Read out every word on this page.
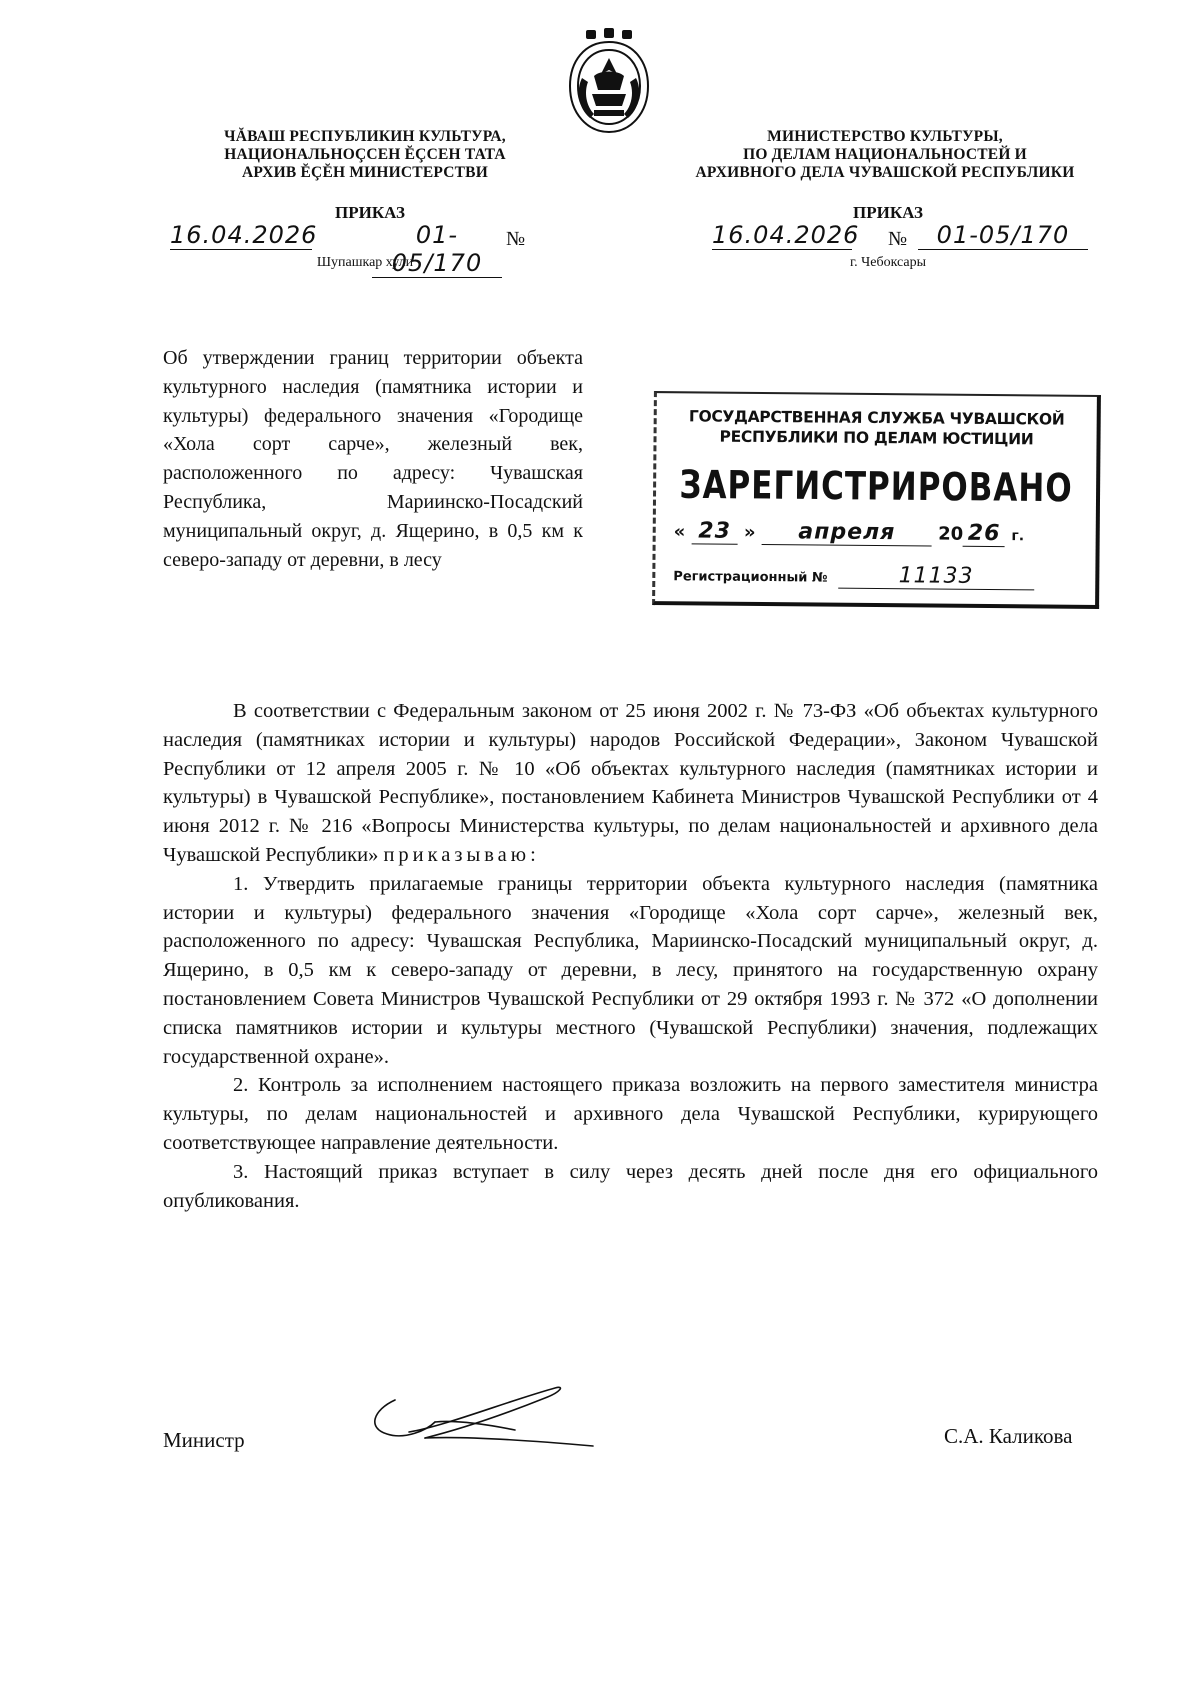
ЧĂВАШ РЕСПУБЛИКИН КУЛЬТУРА,
НАЦИОНАЛЬНОÇСЕН ĔÇСЕН ТАТА
АРХИВ ĔÇĔН МИНИСТЕРСТВИ
МИНИСТЕРСТВО КУЛЬТУРЫ,
ПО ДЕЛАМ НАЦИОНАЛЬНОСТЕЙ И
АРХИВНОГО ДЕЛА ЧУВАШСКОЙ РЕСПУБЛИКИ
ПРИКАЗ	ПРИКАЗ
16.04.2026	01-05/170
№
Шупашкар хули
16.04.2026 №	01-05/170
г. Чебоксары
Об утверждении границ территории объекта культурного наследия (памятника истории и культуры) федерального значения «Городище «Хола сорт сарче», железный век, расположенного по адресу: Чувашская Республика, Мариинско-Посадский муниципальный округ, д. Ящерино, в 0,5 км к северо-западу от деревни, в лесу
ГОСУДАРСТВЕННАЯ СЛУЖБА ЧУВАШСКОЙ
РЕСПУБЛИКИ ПО ДЕЛАМ ЮСТИЦИИ
ЗАРЕГИСТРИРОВАНО
« 23 » апреля 20 26 г.
Регистрационный №	11133

В соответствии с Федеральным законом от 25 июня 2002 г. № 73-ФЗ «Об объектах культурного наследия (памятниках истории и культуры) народов Российской Федерации», Законом Чувашской Республики от 12 апреля 2005 г. № 10 «Об объектах культурного наследия (памятниках истории и культуры) в Чувашской Республике», постановлением Кабинета Министров Чувашской Республики от 4 июня 2012 г. № 216 «Вопросы Министерства культуры, по делам национальностей и архивного дела Чувашской Республики» приказываю:

1. Утвердить прилагаемые границы территории объекта культурного наследия (памятника истории и культуры) федерального значения «Городище «Хола сорт сарче», железный век, расположенного по адресу: Чувашская Республика, Мариинско-Посадский муниципальный округ, д. Ящерино, в 0,5 км к северо-западу от деревни, в лесу, принятого на государственную охрану постановлением Совета Министров Чувашской Республики от 29 октября 1993 г. № 372 «О дополнении списка памятников истории и культуры местного (Чувашской Республики) значения, подлежащих государственной охране».

2. Контроль за исполнением настоящего приказа возложить на первого заместителя министра культуры, по делам национальностей и архивного дела Чувашской Республики, курирующего соответствующее направление деятельности.

3. Настоящий приказ вступает в силу через десять дней после дня его официального опубликования.

Министр	С.А. Каликова
